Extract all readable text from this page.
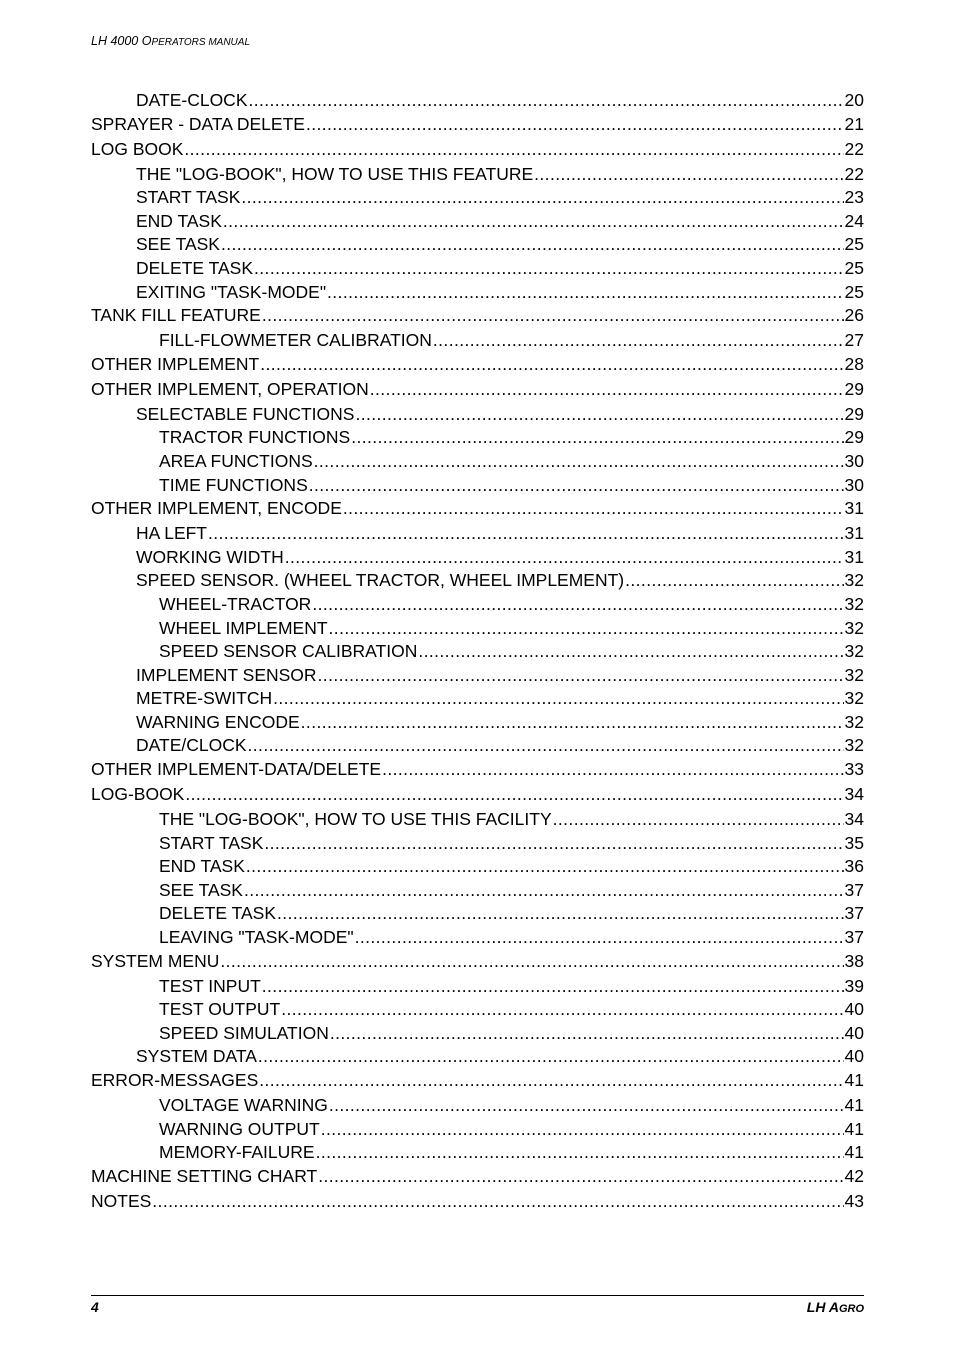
LH 4000 OPERATORS MANUAL
DATE-CLOCK .....	20
SPRAYER - DATA DELETE .....	21
LOG BOOK .....	22
THE "LOG-BOOK", HOW TO USE THIS FEATURE .....	22
START TASK .....	23
END TASK .....	24
SEE TASK .....	25
DELETE TASK .....	25
EXITING "TASK-MODE" .....	25
TANK FILL FEATURE .....	26
FILL-FLOWMETER CALIBRATION .....	27
OTHER IMPLEMENT .....	28
OTHER IMPLEMENT, OPERATION .....	29
SELECTABLE FUNCTIONS .....	29
TRACTOR FUNCTIONS .....	29
AREA FUNCTIONS .....	30
TIME FUNCTIONS .....	30
OTHER IMPLEMENT, ENCODE .....	31
HA LEFT .....	31
WORKING WIDTH .....	31
SPEED SENSOR. (WHEEL TRACTOR, WHEEL IMPLEMENT) .....	32
WHEEL-TRACTOR .....	32
WHEEL IMPLEMENT .....	32
SPEED SENSOR CALIBRATION .....	32
IMPLEMENT SENSOR .....	32
METRE-SWITCH .....	32
WARNING ENCODE .....	32
DATE/CLOCK .....	32
OTHER IMPLEMENT-DATA/DELETE .....	33
LOG-BOOK .....	34
THE "LOG-BOOK", HOW TO USE THIS FACILITY .....	34
START TASK .....	35
END TASK .....	36
SEE TASK .....	37
DELETE TASK .....	37
LEAVING "TASK-MODE" .....	37
SYSTEM MENU .....	38
TEST INPUT .....	39
TEST OUTPUT .....	40
SPEED SIMULATION .....	40
SYSTEM DATA .....	40
ERROR-MESSAGES .....	41
VOLTAGE WARNING .....	41
WARNING OUTPUT .....	41
MEMORY-FAILURE .....	41
MACHINE SETTING CHART .....	42
NOTES .....	43
4	LH AGRO
